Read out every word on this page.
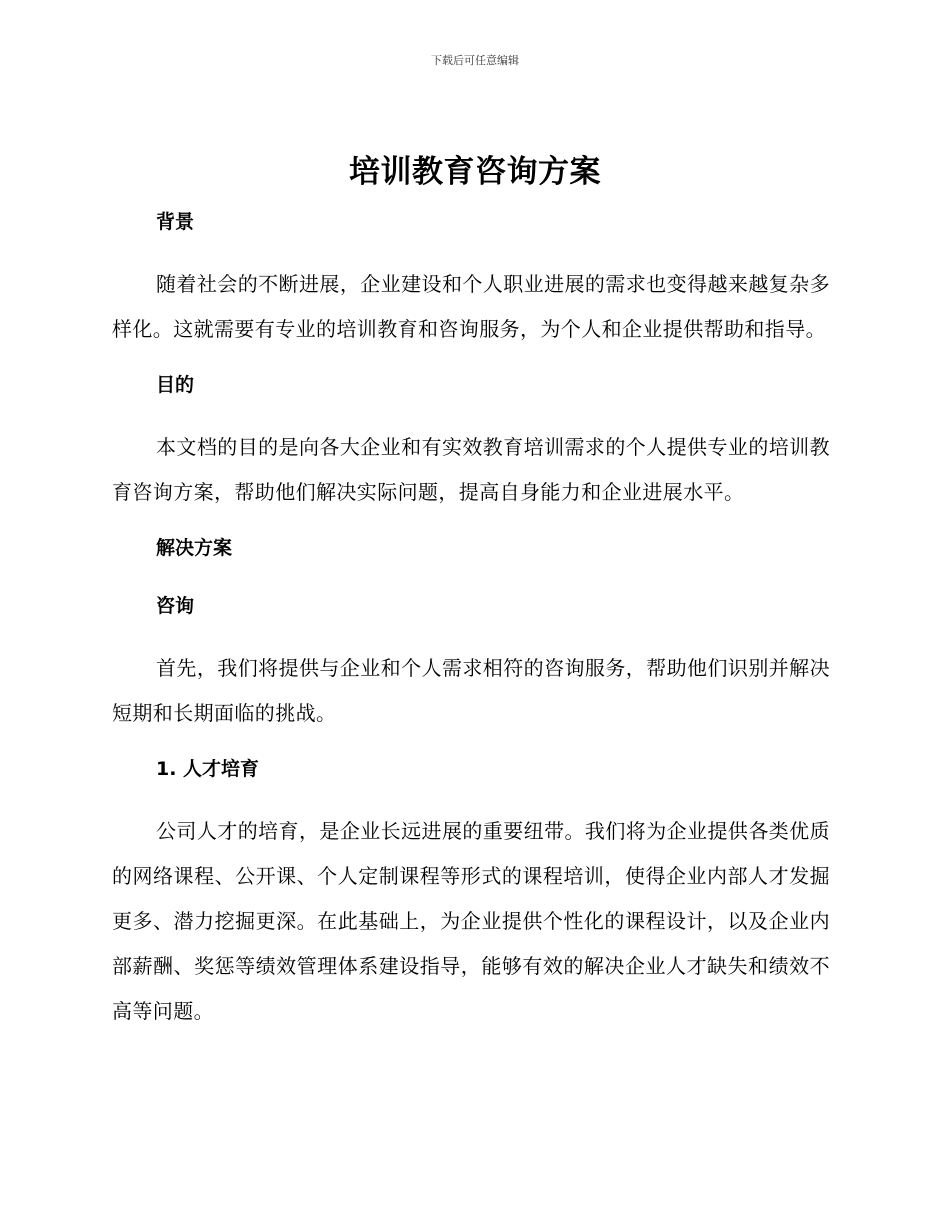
下载后可任意编辑
培训教育咨询方案
背景

随着社会的不断进展，企业建设和个人职业进展的需求也变得越来越复杂多样化。这就需要有专业的培训教育和咨询服务，为个人和企业提供帮助和指导。

目的

本文档的目的是向各大企业和有实效教育培训需求的个人提供专业的培训教育咨询方案，帮助他们解决实际问题，提高自身能力和企业进展水平。

解决方案
咨询

首先，我们将提供与企业和个人需求相符的咨询服务，帮助他们识别并解决短期和长期面临的挑战。

1. 人才培育

公司人才的培育，是企业长远进展的重要纽带。我们将为企业提供各类优质的网络课程、公开课、个人定制课程等形式的课程培训，使得企业内部人才发掘更多、潜力挖掘更深。在此基础上，为企业提供个性化的课程设计，以及企业内部薪酬、奖惩等绩效管理体系建设指导，能够有效的解决企业人才缺失和绩效不高等问题。
